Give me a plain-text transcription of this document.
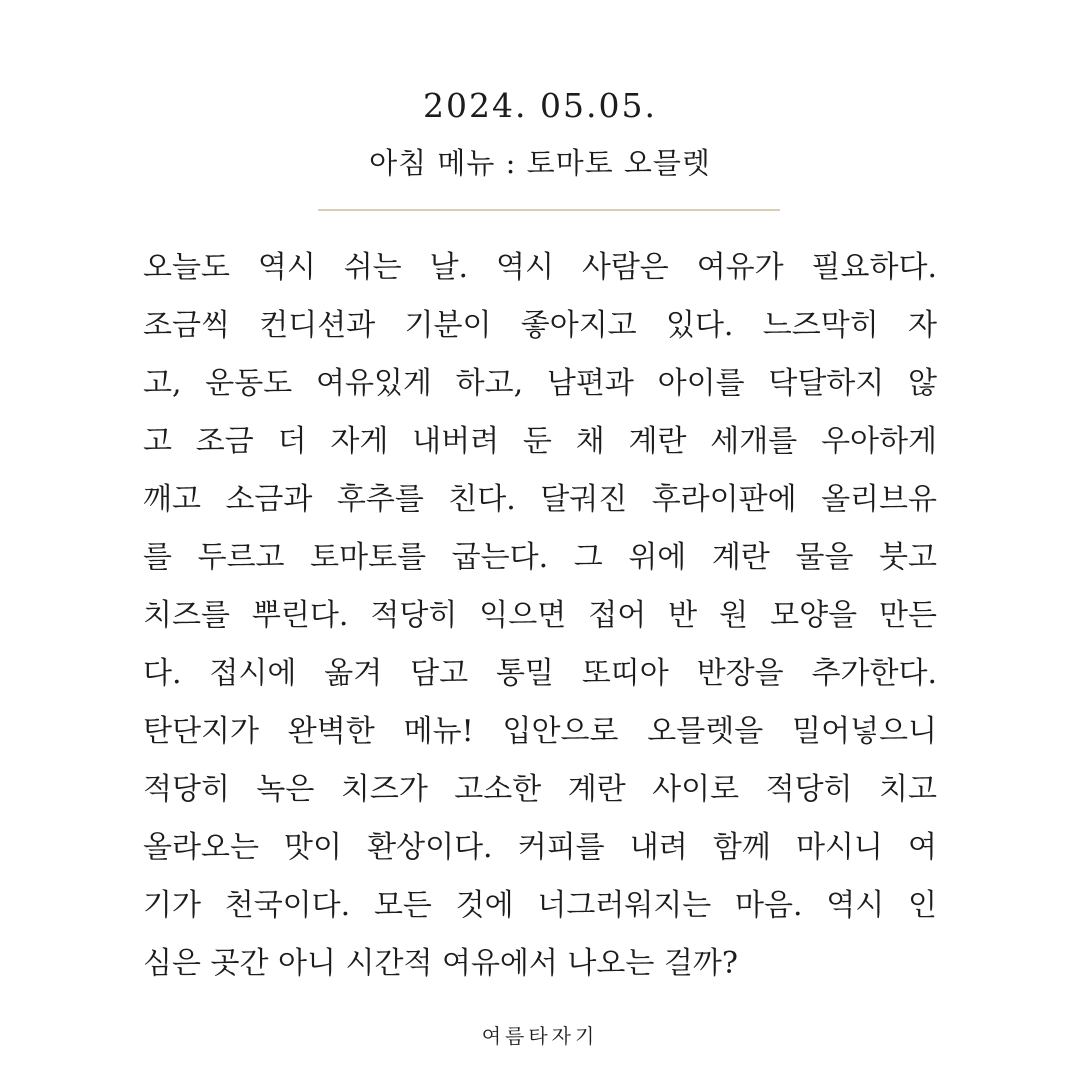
2024. 05.05.
아침 메뉴 : 토마토 오믈렛
오늘도 역시 쉬는 날. 역시 사람은 여유가 필요하다.
조금씩 컨디션과 기분이 좋아지고 있다. 느즈막히 자
고, 운동도 여유있게 하고, 남편과 아이를 닥달하지 않
고 조금 더 자게 내버려 둔 채 계란 세개를 우아하게
깨고 소금과 후추를 친다. 달궈진 후라이판에 올리브유
를 두르고 토마토를 굽는다. 그 위에 계란 물을 붓고
치즈를 뿌린다. 적당히 익으면 접어 반 원 모양을 만든
다. 접시에 옮겨 담고 통밀 또띠아 반장을 추가한다.
탄단지가 완벽한 메뉴! 입안으로 오믈렛을 밀어넣으니
적당히 녹은 치즈가 고소한 계란 사이로 적당히 치고
올라오는 맛이 환상이다. 커피를 내려 함께 마시니 여
기가 천국이다. 모든 것에 너그러워지는 마음. 역시 인
심은 곳간 아니 시간적 여유에서 나오는 걸까?
여름타자기
